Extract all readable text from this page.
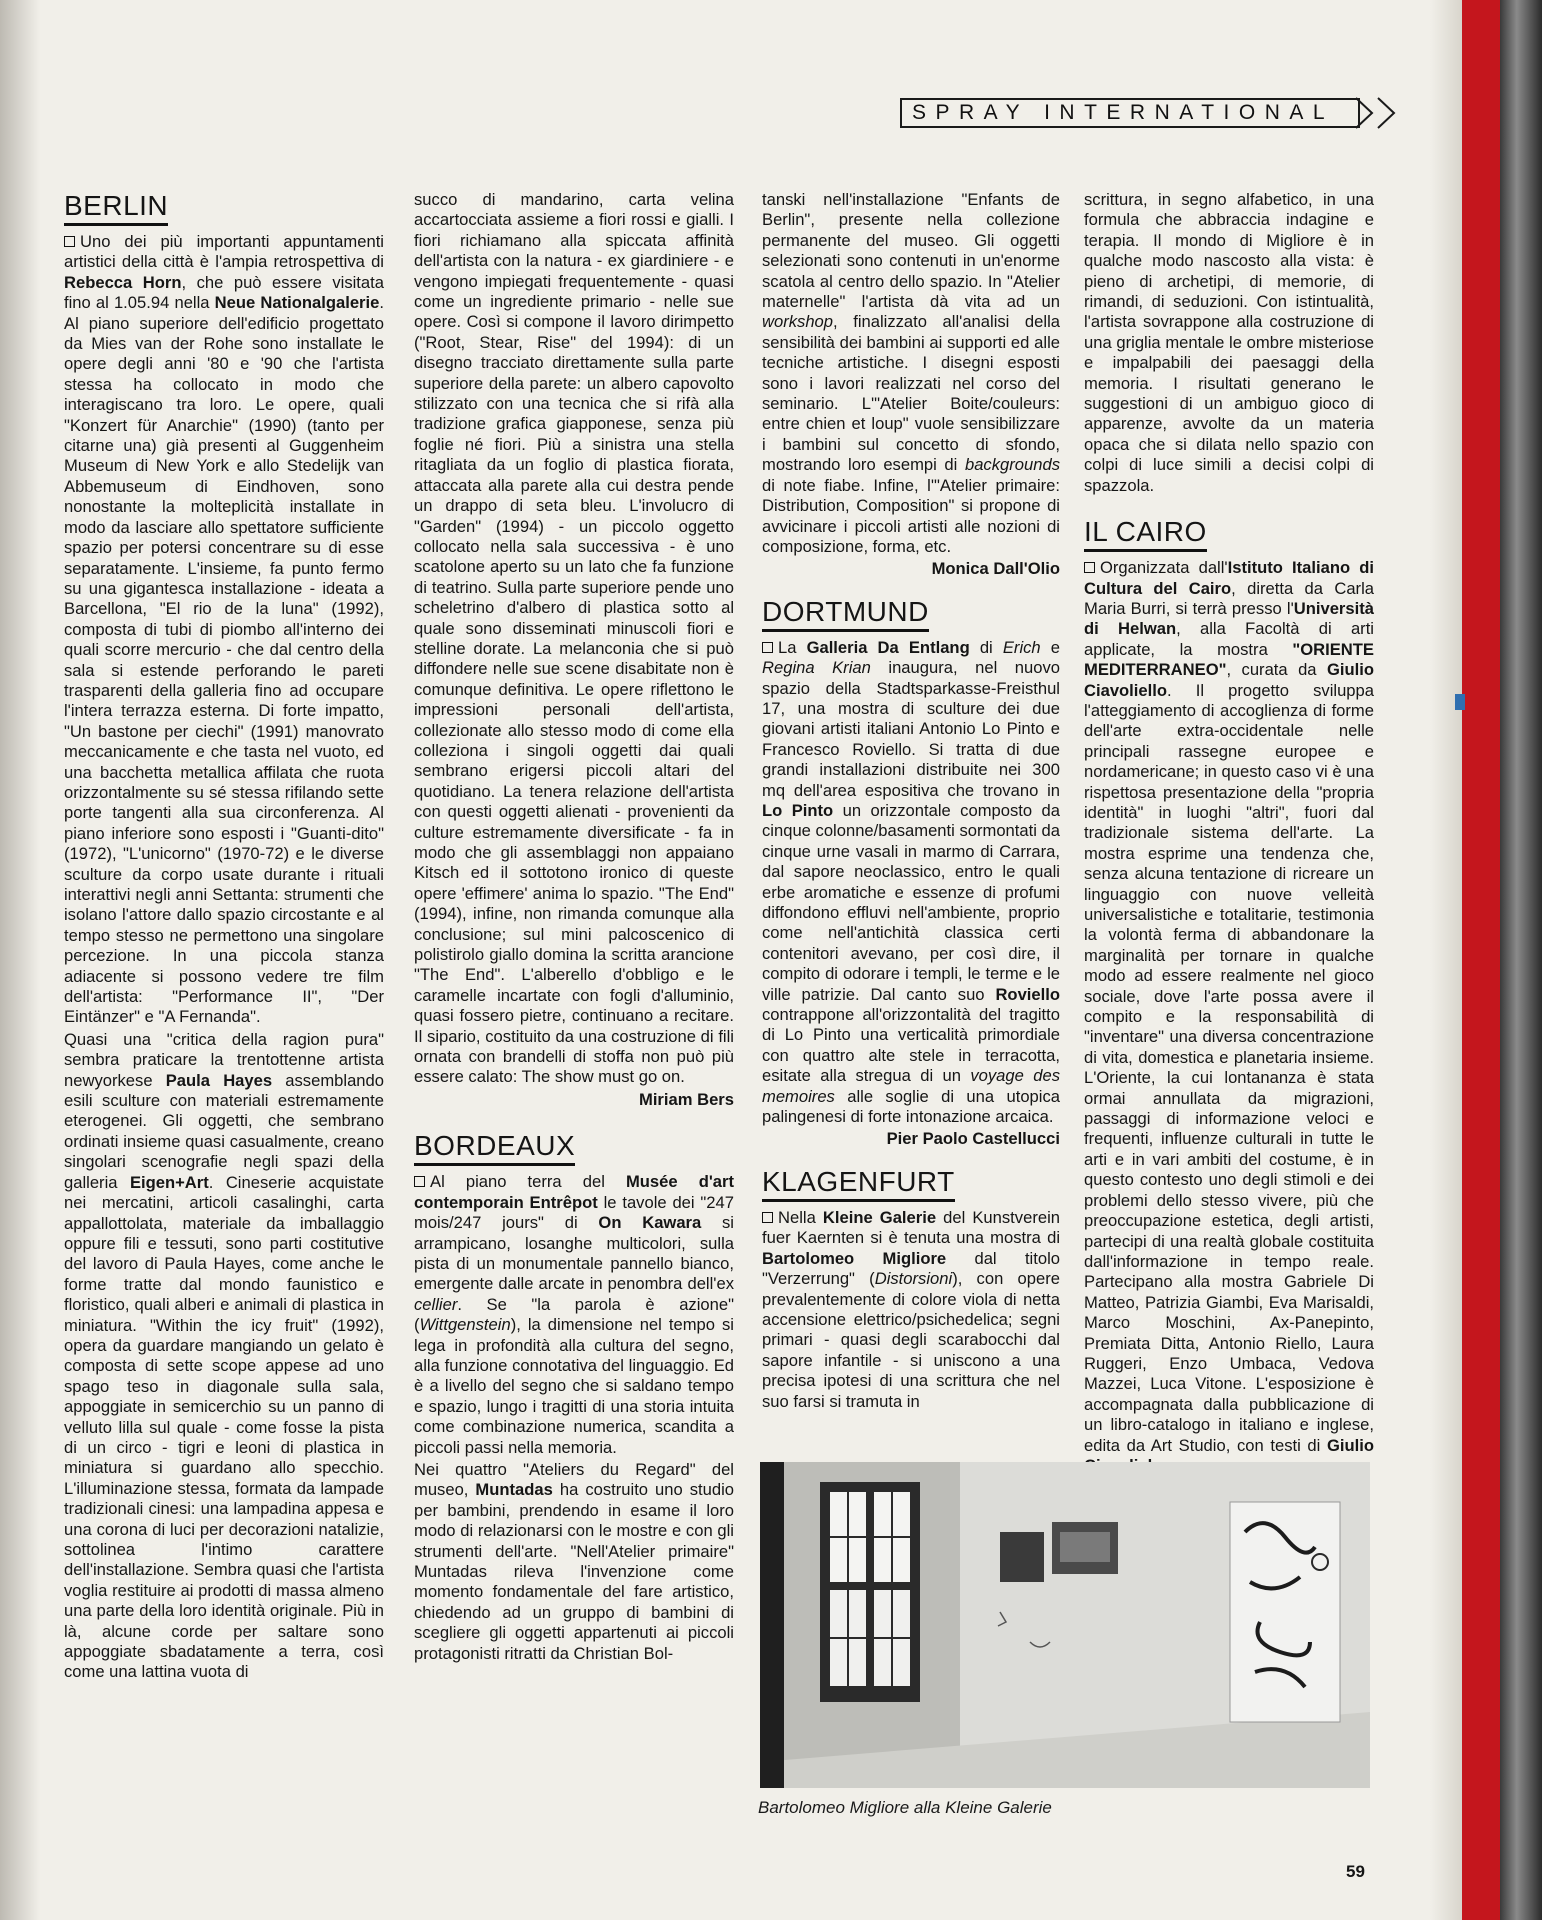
SPRAY INTERNATIONAL
BERLIN

Uno dei più importanti appuntamenti artistici della città è l'ampia retrospettiva di Rebecca Horn, che può essere visitata fino al 1.05.94 nella Neue Nationalgalerie. Al piano superiore dell'edificio progettato da Mies van der Rohe sono installate le opere degli anni '80 e '90 che l'artista stessa ha collocato in modo che interagiscano tra loro. Le opere, quali "Konzert für Anarchie" (1990) (tanto per citarne una) già presenti al Guggenheim Museum di New York e allo Stedelijk van Abbemuseum di Eindhoven, sono nonostante la molteplicità installate in modo da lasciare allo spettatore sufficiente spazio per potersi concentrare su di esse separatamente. L'insieme, fa punto fermo su una gigantesca installazione - ideata a Barcellona, "El rio de la luna" (1992), composta di tubi di piombo all'interno dei quali scorre mercurio - che dal centro della sala si estende perforando le pareti trasparenti della galleria fino ad occupare l'intera terrazza esterna. Di forte impatto, "Un bastone per ciechi" (1991) manovrato meccanicamente e che tasta nel vuoto, ed una bacchetta metallica affilata che ruota orizzontalmente su sé stessa rifilando sette porte tangenti alla sua circonferenza. Al piano inferiore sono esposti i "Guanti-dito" (1972), "L'unicorno" (1970-72) e le diverse sculture da corpo usate durante i rituali interattivi negli anni Settanta: strumenti che isolano l'attore dallo spazio circostante e al tempo stesso ne permettono una singolare percezione. In una piccola stanza adiacente si possono vedere tre film dell'artista: "Performance II", "Der Eintänzer" e "A Fernanda".

Quasi una "critica della ragion pura" sembra praticare la trentottenne artista newyorkese Paula Hayes assemblando esili sculture con materiali estremamente eterogenei. Gli oggetti, che sembrano ordinati insieme quasi casualmente, creano singolari scenografie negli spazi della galleria Eigen+Art. Cineserie acquistate nei mercatini, articoli casalinghi, carta appallottolata, materiale da imballaggio oppure fili e tessuti, sono parti costitutive del lavoro di Paula Hayes, come anche le forme tratte dal mondo faunistico e floristico, quali alberi e animali di plastica in miniatura. "Within the icy fruit" (1992), opera da guardare mangiando un gelato è composta di sette scope appese ad uno spago teso in diagonale sulla sala, appoggiate in semicerchio su un panno di velluto lilla sul quale - come fosse la pista di un circo - tigri e leoni di plastica in miniatura si guardano allo specchio. L'illuminazione stessa, formata da lampade tradizionali cinesi: una lampadina appesa e una corona di luci per decorazioni natalizie, sottolinea l'intimo carattere dell'installazione. Sembra quasi che l'artista voglia restituire ai prodotti di massa almeno una parte della loro identità originale. Più in là, alcune corde per saltare sono appoggiate sbadatamente a terra, così come una lattina vuota di

succo di mandarino, carta velina accartocciata assieme a fiori rossi e gialli. I fiori richiamano alla spiccata affinità dell'artista con la natura - ex giardiniere - e vengono impiegati frequentemente - quasi come un ingrediente primario - nelle sue opere. Così si compone il lavoro dirimpetto ("Root, Stear, Rise" del 1994): di un disegno tracciato direttamente sulla parte superiore della parete: un albero capovolto stilizzato con una tecnica che si rifà alla tradizione grafica giapponese, senza più foglie né fiori. Più a sinistra una stella ritagliata da un foglio di plastica fiorata, attaccata alla parete alla cui destra pende un drappo di seta bleu. L'involucro di "Garden" (1994) - un piccolo oggetto collocato nella sala successiva - è uno scatolone aperto su un lato che fa funzione di teatrino. Sulla parte superiore pende uno scheletrino d'albero di plastica sotto al quale sono disseminati minuscoli fiori e stelline dorate. La melanconia che si può diffondere nelle sue scene disabitate non è comunque definitiva. Le opere riflettono le impressioni personali dell'artista, collezionate allo stesso modo di come ella colleziona i singoli oggetti dai quali sembrano erigersi piccoli altari del quotidiano. La tenera relazione dell'artista con questi oggetti alienati - provenienti da culture estremamente diversificate - fa in modo che gli assemblaggi non appaiano Kitsch ed il sottotono ironico di queste opere 'effimere' anima lo spazio. "The End" (1994), infine, non rimanda comunque alla conclusione; sul mini palcoscenico di polistirolo giallo domina la scritta arancione "The End". L'alberello d'obbligo e le caramelle incartate con fogli d'alluminio, quasi fossero pietre, continuano a recitare. Il sipario, costituito da una costruzione di fili ornata con brandelli di stoffa non può più essere calato: The show must go on.

Miriam Bers

BORDEAUX

Al piano terra del Musée d'art contemporain Entrêpot le tavole dei "247 mois/247 jours" di On Kawara si arrampicano, losanghe multicolori, sulla pista di un monumentale pannello bianco, emergente dalle arcate in penombra dell'ex cellier. Se "la parola è azione" (Wittgenstein), la dimensione nel tempo si lega in profondità alla cultura del segno, alla funzione connotativa del linguaggio. Ed è a livello del segno che si saldano tempo e spazio, lungo i tragitti di una storia intuita come combinazione numerica, scandita a piccoli passi nella memoria.

Nei quattro "Ateliers du Regard" del museo, Muntadas ha costruito uno studio per bambini, prendendo in esame il loro modo di relazionarsi con le mostre e con gli strumenti dell'arte. "Nell'Atelier primaire" Muntadas rileva l'invenzione come momento fondamentale del fare artistico, chiedendo ad un gruppo di bambini di scegliere gli oggetti appartenuti ai piccoli protagonisti ritratti da Christian Bol-

tanski nell'installazione "Enfants de Berlin", presente nella collezione permanente del museo. Gli oggetti selezionati sono contenuti in un'enorme scatola al centro dello spazio. In "Atelier maternelle" l'artista dà vita ad un workshop, finalizzato all'analisi della sensibilità dei bambini ai supporti ed alle tecniche artistiche. I disegni esposti sono i lavori realizzati nel corso del seminario. L'"Atelier Boite/couleurs: entre chien et loup" vuole sensibilizzare i bambini sul concetto di sfondo, mostrando loro esempi di backgrounds di note fiabe. Infine, l'"Atelier primaire: Distribution, Composition" si propone di avvicinare i piccoli artisti alle nozioni di composizione, forma, etc.

Monica Dall'Olio

DORTMUND

La Galleria Da Entlang di Erich e Regina Krian inaugura, nel nuovo spazio della Stadtsparkasse-Freisthul 17, una mostra di sculture dei due giovani artisti italiani Antonio Lo Pinto e Francesco Roviello. Si tratta di due grandi installazioni distribuite nei 300 mq dell'area espositiva che trovano in Lo Pinto un orizzontale composto da cinque colonne/basamenti sormontati da cinque urne vasali in marmo di Carrara, dal sapore neoclassico, entro le quali erbe aromatiche e essenze di profumi diffondono effluvi nell'ambiente, proprio come nell'antichità classica certi contenitori avevano, per così dire, il compito di odorare i templi, le terme e le ville patrizie. Dal canto suo Roviello contrappone all'orizzontalità del tragitto di Lo Pinto una verticalità primordiale con quattro alte stele in terracotta, esitate alla stregua di un voyage des memoires alle soglie di una utopica palingenesi di forte intonazione arcaica.

Pier Paolo Castellucci

KLAGENFURT

Nella Kleine Galerie del Kunstverein fuer Kaernten si è tenuta una mostra di Bartolomeo Migliore dal titolo "Verzerrung" (Distorsioni), con opere prevalentemente di colore viola di netta accensione elettrico/psichedelica; segni primari - quasi degli scarabocchi dal sapore infantile - si uniscono a una precisa ipotesi di una scrittura che nel suo farsi si tramuta in

scrittura, in segno alfabetico, in una formula che abbraccia indagine e terapia. Il mondo di Migliore è in qualche modo nascosto alla vista: è pieno di archetipi, di memorie, di rimandi, di seduzioni. Con istintualità, l'artista sovrappone alla costruzione di una griglia mentale le ombre misteriose e impalpabili dei paesaggi della memoria. I risultati generano le suggestioni di un ambiguo gioco di apparenze, avvolte da un materia opaca che si dilata nello spazio con colpi di luce simili a decisi colpi di spazzola.

IL CAIRO

Organizzata dall'Istituto Italiano di Cultura del Cairo, diretta da Carla Maria Burri, si terrà presso l'Università di Helwan, alla Facoltà di arti applicate, la mostra "ORIENTE MEDITERRANEO", curata da Giulio Ciavoliello. Il progetto sviluppa l'atteggiamento di accoglienza di forme dell'arte extra-occidentale nelle principali rassegne europee e nordamericane; in questo caso vi è una rispettosa presentazione della "propria identità" in luoghi "altri", fuori dal tradizionale sistema dell'arte. La mostra esprime una tendenza che, senza alcuna tentazione di ricreare un linguaggio con nuove velleità universalistiche e totalitarie, testimonia la volontà ferma di abbandonare la marginalità per tornare in qualche modo ad essere realmente nel gioco sociale, dove l'arte possa avere il compito e la responsabilità di "inventare" una diversa concentrazione di vita, domestica e planetaria insieme. L'Oriente, la cui lontananza è stata ormai annullata da migrazioni, passaggi di informazione veloci e frequenti, influenze culturali in tutte le arti e in vari ambiti del costume, è in questo contesto uno degli stimoli e dei problemi dello stesso vivere, più che preoccupazione estetica, degli artisti, partecipi di una realtà globale costituita dall'informazione in tempo reale. Partecipano alla mostra Gabriele Di Matteo, Patrizia Giambi, Eva Marisaldi, Marco Moschini, Ax-Panepinto, Premiata Ditta, Antonio Riello, Laura Ruggeri, Enzo Umbaca, Vedova Mazzei, Luca Vitone. L'esposizione è accompagnata dalla pubblicazione di un libro-catalogo in italiano e inglese, edita da Art Studio, con testi di Giulio

Bartolomeo Migliore alla Kleine Galerie
59
